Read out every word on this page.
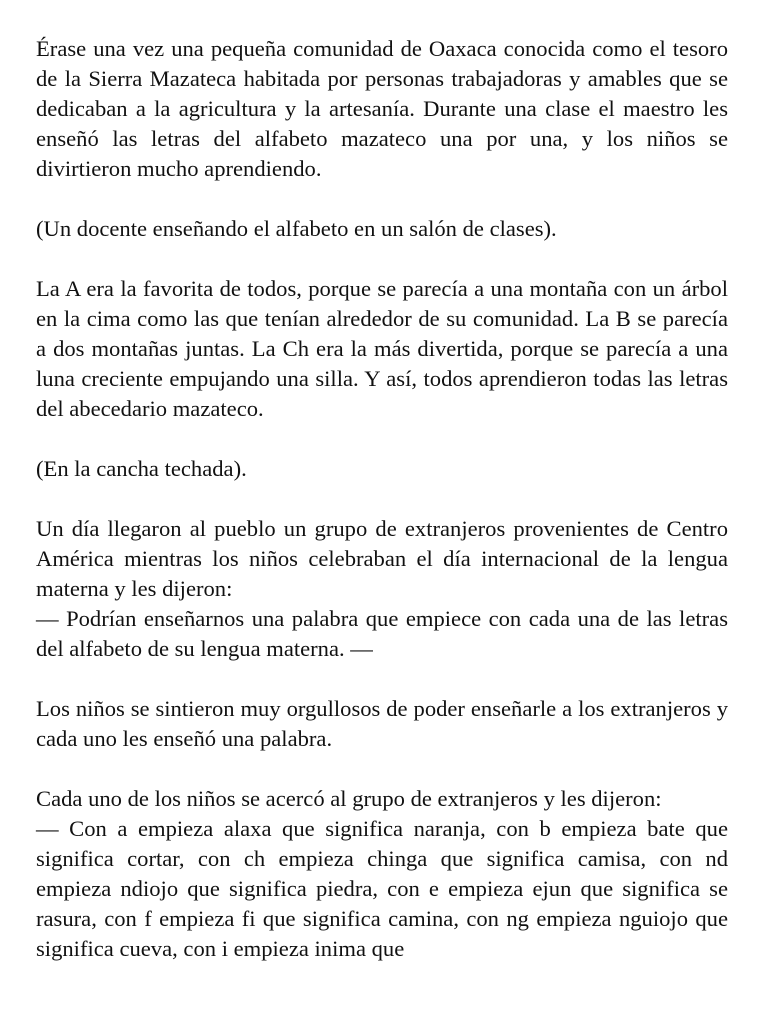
Érase una vez una pequeña comunidad de Oaxaca conocida como el tesoro de la Sierra Mazateca habitada por personas trabajadoras y amables que se dedicaban a la agricultura y la artesanía. Durante una clase el maestro les enseñó las letras del alfabeto mazateco una por una, y los niños se divirtieron mucho aprendiendo.

(Un docente enseñando el alfabeto en un salón de clases).

La A era la favorita de todos, porque se parecía a una montaña con un árbol en la cima como las que tenían alrededor de su comunidad. La B se parecía a dos montañas juntas. La Ch era la más divertida, porque se parecía a una luna creciente empujando una silla. Y así, todos aprendieron todas las letras del abecedario mazateco.

(En la cancha techada).

Un día llegaron al pueblo un grupo de extranjeros provenientes de Centro América mientras los niños celebraban el día internacional de la lengua materna y les dijeron:
— Podrían enseñarnos una palabra que empiece con cada una de las letras del alfabeto de su lengua materna. —

Los niños se sintieron muy orgullosos de poder enseñarle a los extranjeros y cada uno les enseñó una palabra.

Cada uno de los niños se acercó al grupo de extranjeros y les dijeron:
— Con a empieza alaxa que significa naranja, con b empieza bate que significa cortar, con ch empieza chinga que significa camisa, con nd empieza ndiojo que significa piedra, con e empieza ejun que significa se rasura, con f empieza fi que significa camina, con ng empieza nguiojo que significa cueva, con i empieza inima que
